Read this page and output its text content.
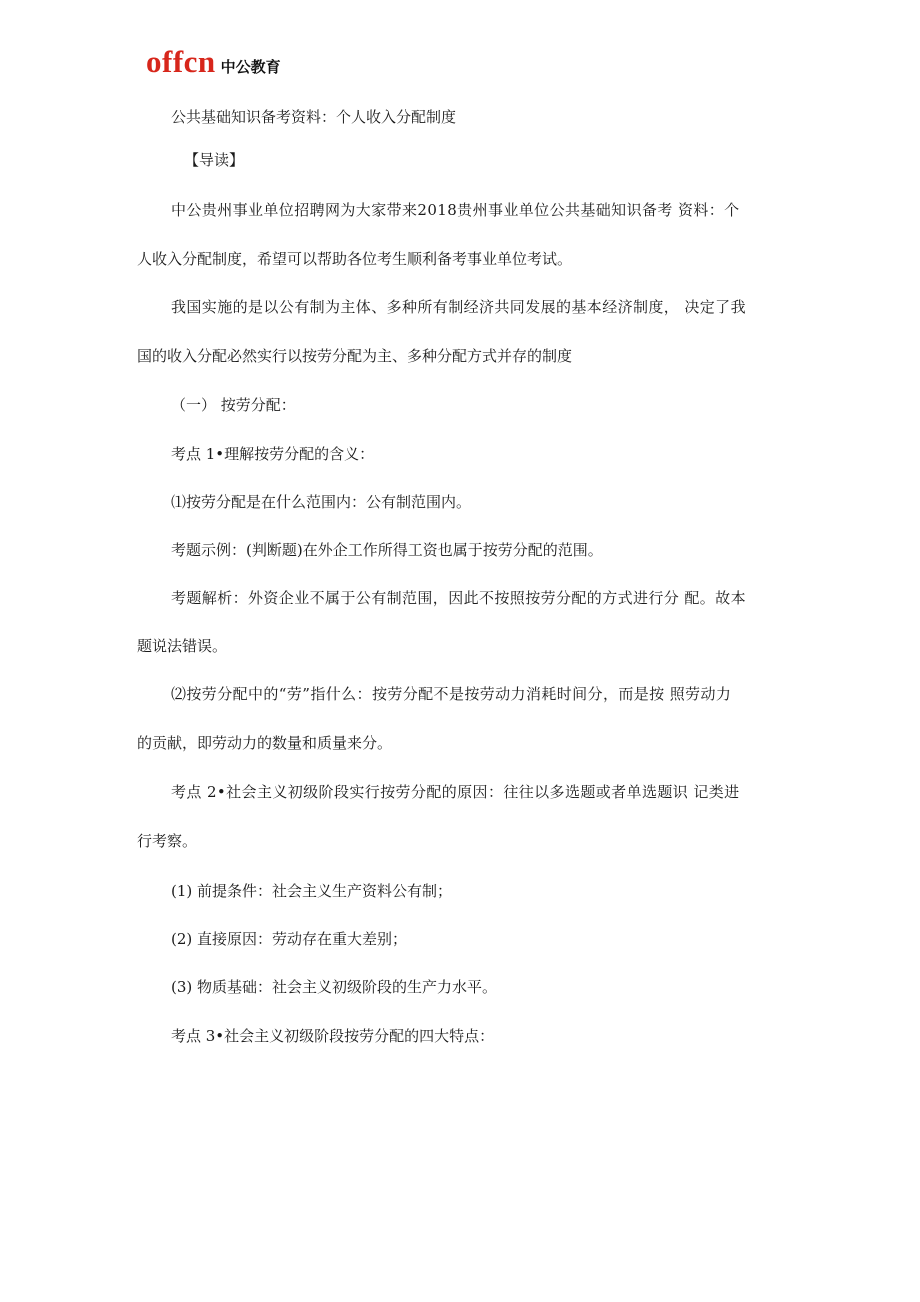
offcn 中公教育
公共基础知识备考资料：个人收入分配制度
【导读】
中公贵州事业单位招聘网为大家带来2018贵州事业单位公共基础知识备考 资料：个
人收入分配制度，希望可以帮助各位考生顺利备考事业单位考试。
我国实施的是以公有制为主体、多种所有制经济共同发展的基本经济制度， 决定了我
国的收入分配必然实行以按劳分配为主、多种分配方式并存的制度
（一） 按劳分配：
考点 1•理解按劳分配的含义：
⑴按劳分配是在什么范围内：公有制范围内。
考题示例：(判断题)在外企工作所得工资也属于按劳分配的范围。
考题解析：外资企业不属于公有制范围，因此不按照按劳分配的方式进行分 配。故本
题说法错误。
⑵按劳分配中的“劳”指什么：按劳分配不是按劳动力消耗时间分，而是按 照劳动力
的贡献，即劳动力的数量和质量来分。
考点 2•社会主义初级阶段实行按劳分配的原因：往往以多选题或者单选题识 记类进
行考察。
(1) 前提条件：社会主义生产资料公有制；
(2) 直接原因：劳动存在重大差别；
(3) 物质基础：社会主义初级阶段的生产力水平。
考点 3•社会主义初级阶段按劳分配的四大特点：
